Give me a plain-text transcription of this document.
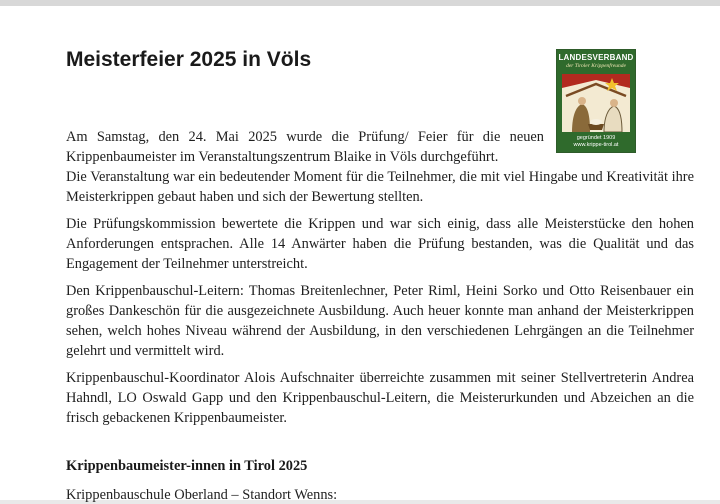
Meisterfeier 2025 in Völs	LANDESVERBAND
der Tiroler Krippenfreunde
gegründet 1909
www.krippe-tirol.at
Am Samstag, den 24. Mai 2025 wurde die Prüfung/ Feier für die neuen
Krippenbaumeister im Veranstaltungszentrum Blaike in Völs durchgeführt.
Die Veranstaltung war ein bedeutender Moment für die Teilnehmer, die mit viel Hingabe und Kreativität ihre Meisterkrippen gebaut haben und sich der Bewertung stellten.

Die Prüfungskommission bewertete die Krippen und war sich einig, dass alle Meisterstücke den hohen Anforderungen entsprachen. Alle 14 Anwärter haben die Prüfung bestanden, was die Qualität und das Engagement der Teilnehmer unterstreicht.

Den Krippenbauschul-Leitern: Thomas Breitenlechner, Peter Riml, Heini Sorko und Otto Reisenbauer ein großes Dankeschön für die ausgezeichnete Ausbildung. Auch heuer konnte man anhand der Meisterkrippen sehen, welch hohes Niveau während der Ausbildung, in den verschiedenen Lehrgängen an die Teilnehmer gelehrt und vermittelt wird.

Krippenbauschul-Koordinator Alois Aufschnaiter überreichte zusammen mit seiner Stellvertreterin Andrea Hahndl, LO Oswald Gapp und den Krippenbauschul-Leitern, die Meisterurkunden und Abzeichen an die frisch gebackenen Krippenbaumeister.

Krippenbaumeister-innen in Tirol 2025

Krippenbauschule Oberland – Standort Wenns:
